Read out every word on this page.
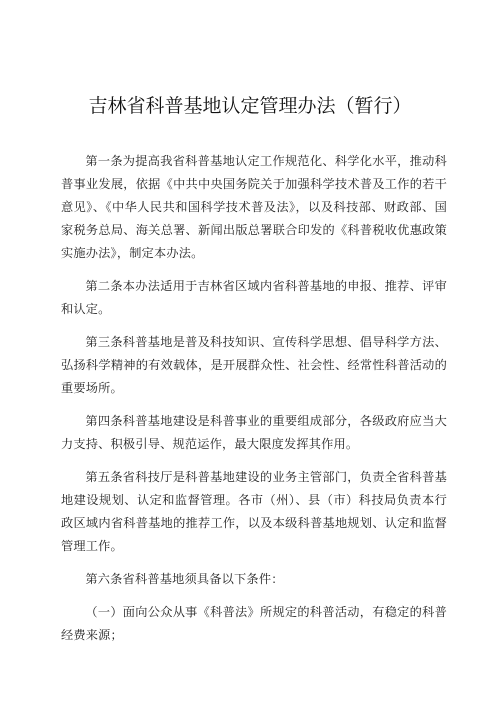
吉林省科普基地认定管理办法（暂行）

第一条为提高我省科普基地认定工作规范化、科学化水平，推动科普事业发展，依据《中共中央国务院关于加强科学技术普及工作的若干意见》、《中华人民共和国科学技术普及法》，以及科技部、财政部、国家税务总局、海关总署、新闻出版总署联合印发的《科普税收优惠政策实施办法》，制定本办法。

第二条本办法适用于吉林省区域内省科普基地的申报、推荐、评审和认定。

第三条科普基地是普及科技知识、宣传科学思想、倡导科学方法、弘扬科学精神的有效载体，是开展群众性、社会性、经常性科普活动的重要场所。

第四条科普基地建设是科普事业的重要组成部分，各级政府应当大力支持、积极引导、规范运作，最大限度发挥其作用。

第五条省科技厅是科普基地建设的业务主管部门，负责全省科普基地建设规划、认定和监督管理。各市（州）、县（市）科技局负责本行政区域内省科普基地的推荐工作，以及本级科普基地规划、认定和监督管理工作。

第六条省科普基地须具备以下条件：

（一）面向公众从事《科普法》所规定的科普活动，有稳定的科普经费来源；
